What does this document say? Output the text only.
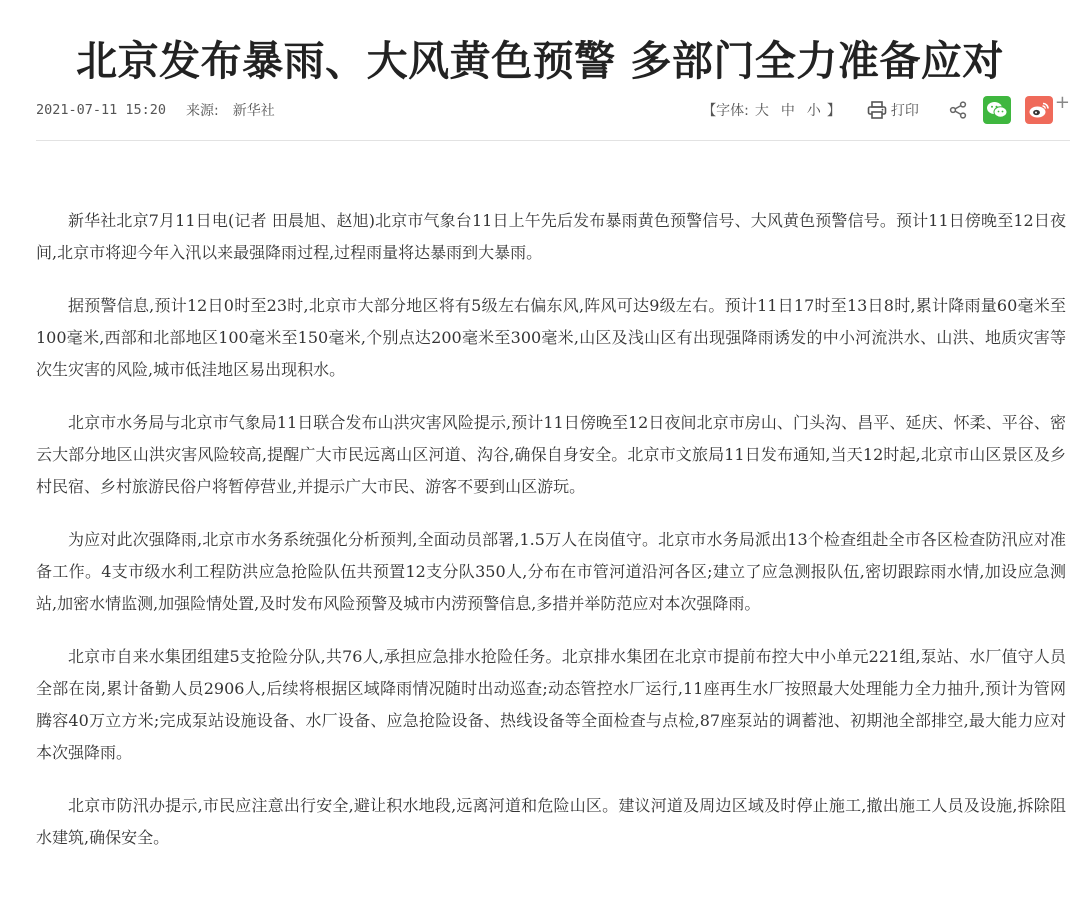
北京发布暴雨、大风黄色预警 多部门全力准备应对
2021-07-11 15:20 来源: 新华社	【字体: 大 中 小 】	打印	+

新华社北京7月11日电(记者 田晨旭、赵旭)北京市气象台11日上午先后发布暴雨黄色预警信号、大风黄色预警信号。预计11日傍晚至12日夜间,北京市将迎今年入汛以来最强降雨过程,过程雨量将达暴雨到大暴雨。

据预警信息,预计12日0时至23时,北京市大部分地区将有5级左右偏东风,阵风可达9级左右。预计11日17时至13日8时,累计降雨量60毫米至100毫米,西部和北部地区100毫米至150毫米,个别点达200毫米至300毫米,山区及浅山区有出现强降雨诱发的中小河流洪水、山洪、地质灾害等次生灾害的风险,城市低洼地区易出现积水。

北京市水务局与北京市气象局11日联合发布山洪灾害风险提示,预计11日傍晚至12日夜间北京市房山、门头沟、昌平、延庆、怀柔、平谷、密云大部分地区山洪灾害风险较高,提醒广大市民远离山区河道、沟谷,确保自身安全。北京市文旅局11日发布通知,当天12时起,北京市山区景区及乡村民宿、乡村旅游民俗户将暂停营业,并提示广大市民、游客不要到山区游玩。

为应对此次强降雨,北京市水务系统强化分析预判,全面动员部署,1.5万人在岗值守。北京市水务局派出13个检查组赴全市各区检查防汛应对准备工作。4支市级水利工程防洪应急抢险队伍共预置12支分队350人,分布在市管河道沿河各区;建立了应急测报队伍,密切跟踪雨水情,加设应急测站,加密水情监测,加强险情处置,及时发布风险预警及城市内涝预警信息,多措并举防范应对本次强降雨。

北京市自来水集团组建5支抢险分队,共76人,承担应急排水抢险任务。北京排水集团在北京市提前布控大中小单元221组,泵站、水厂值守人员全部在岗,累计备勤人员2906人,后续将根据区域降雨情况随时出动巡查;动态管控水厂运行,11座再生水厂按照最大处理能力全力抽升,预计为管网腾容40万立方米;完成泵站设施设备、水厂设备、应急抢险设备、热线设备等全面检查与点检,87座泵站的调蓄池、初期池全部排空,最大能力应对本次强降雨。

北京市防汛办提示,市民应注意出行安全,避让积水地段,远离河道和危险山区。建议河道及周边区域及时停止施工,撤出施工人员及设施,拆除阻水建筑,确保安全。
